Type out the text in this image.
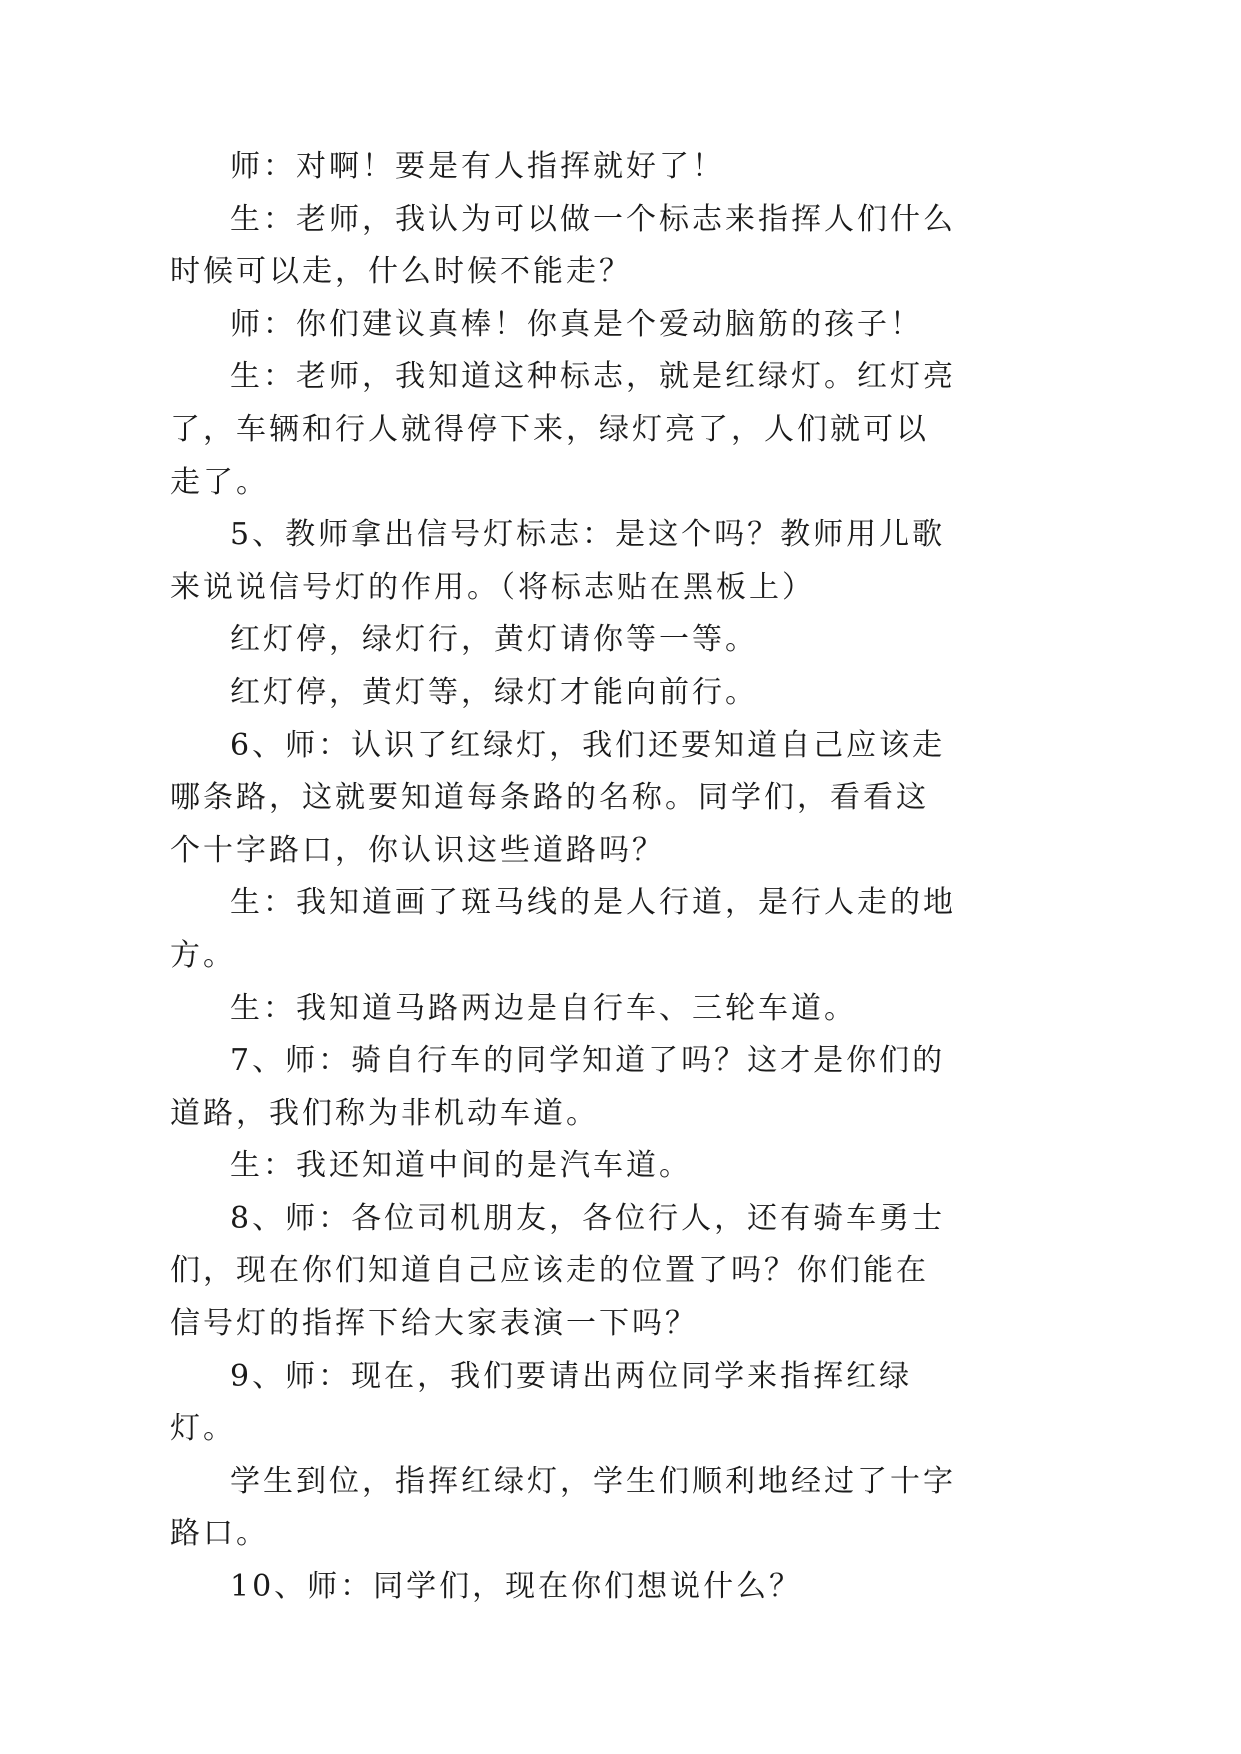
师：对啊！要是有人指挥就好了！

生：老师，我认为可以做一个标志来指挥人们什么时候可以走，什么时候不能走？

师：你们建议真棒！你真是个爱动脑筋的孩子！

生：老师，我知道这种标志，就是红绿灯。红灯亮了，车辆和行人就得停下来，绿灯亮了，人们就可以走了。

5、教师拿出信号灯标志：是这个吗？教师用儿歌来说说信号灯的作用。（将标志贴在黑板上）

红灯停，绿灯行，黄灯请你等一等。

红灯停，黄灯等，绿灯才能向前行。

6、师：认识了红绿灯，我们还要知道自己应该走哪条路，这就要知道每条路的名称。同学们，看看这个十字路口，你认识这些道路吗？

生：我知道画了斑马线的是人行道，是行人走的地方。

生：我知道马路两边是自行车、三轮车道。

7、师：骑自行车的同学知道了吗？这才是你们的道路，我们称为非机动车道。

生：我还知道中间的是汽车道。

8、师：各位司机朋友，各位行人，还有骑车勇士们，现在你们知道自己应该走的位置了吗？你们能在信号灯的指挥下给大家表演一下吗？

9、师：现在，我们要请出两位同学来指挥红绿灯。

学生到位，指挥红绿灯，学生们顺利地经过了十字路口。

10、师：同学们，现在你们想说什么？
